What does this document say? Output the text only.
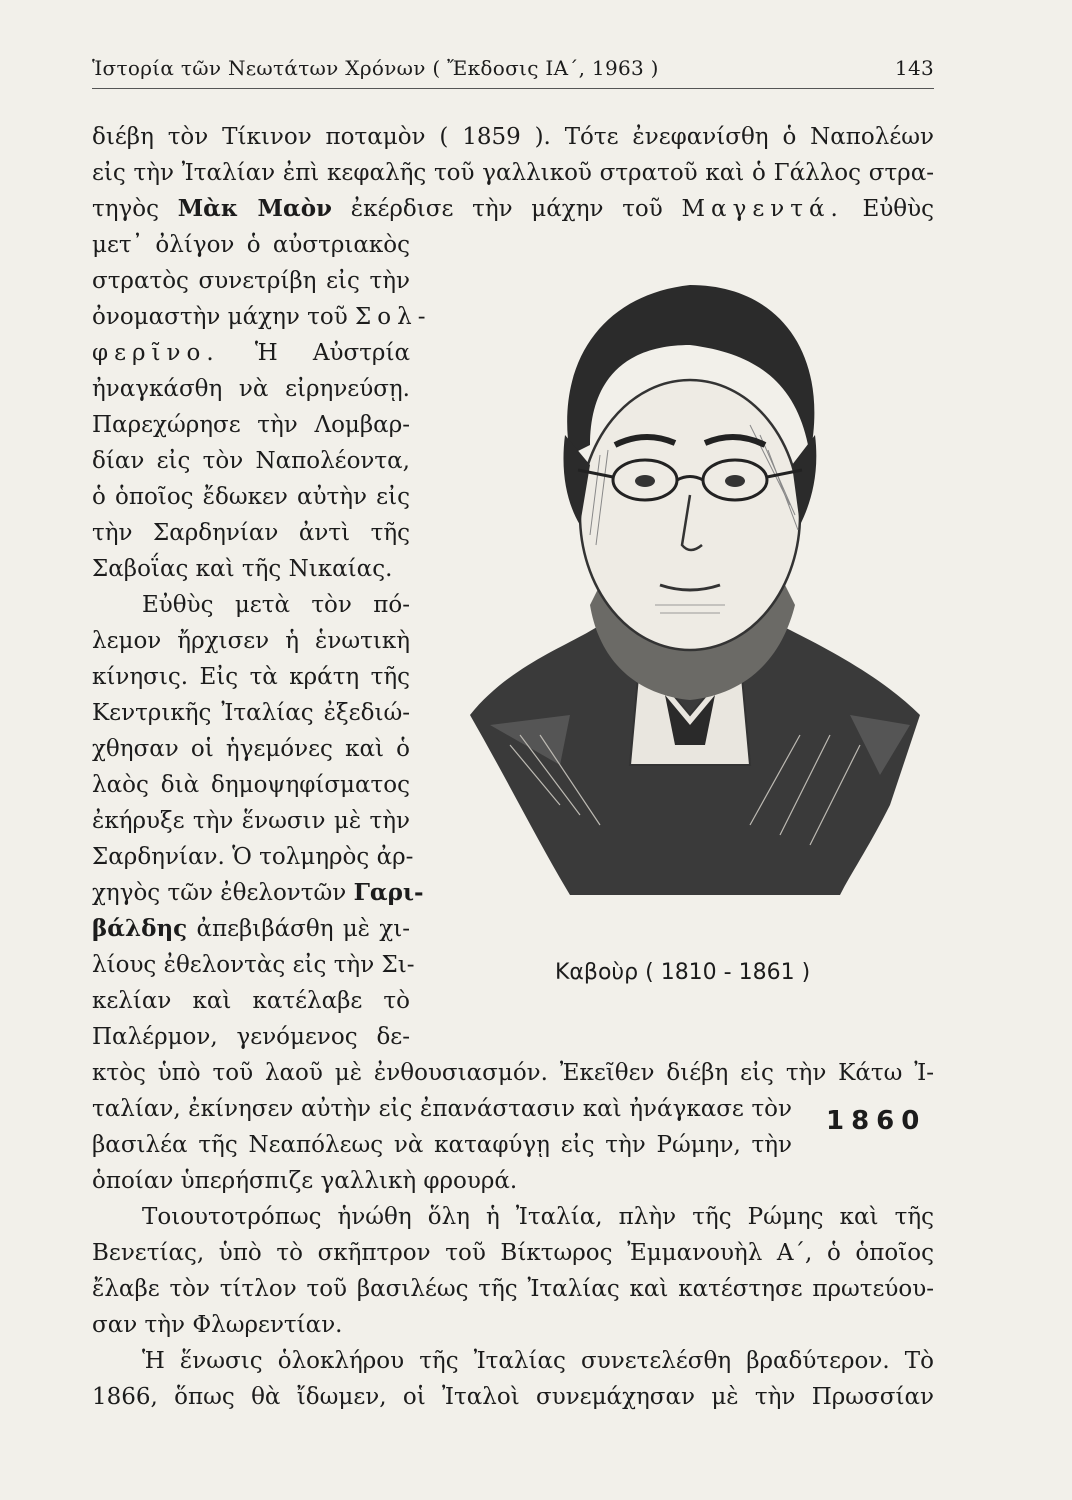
Ἱστορία τῶν Νεωτάτων Χρόνων ( Ἔκδοσις ΙΑ΄, 1963 )	143
διέβη τὸν Τίκινον ποταμὸν ( 1859 ). Τότε ἐνεφανίσθη ὁ Ναπολέων
εἰς τὴν Ἰταλίαν ἐπὶ κεφαλῆς τοῦ γαλλικοῦ στρατοῦ καὶ ὁ Γάλλος στρα-
τηγὸς Μὰκ Μαὸν ἐκέρδισε τὴν μάχην τοῦ Μαγεντά. Εὐθὺς
μετ᾽ ὀλίγον ὁ αὐστριακὸς
στρατὸς συνετρίβη εἰς τὴν
ὀνομαστὴν μάχην τοῦ Σολ-
φερῖνο. Ἡ Αὐστρία
ἠναγκάσθη νὰ εἰρηνεύσῃ.
Παρεχώρησε τὴν Λομβαρ-
δίαν εἰς τὸν Ναπολέοντα,
ὁ ὁποῖος ἔδωκεν αὐτὴν εἰς
τὴν Σαρδηνίαν ἀντὶ τῆς
Σαβοΐας καὶ τῆς Νικαίας.
Εὐθὺς μετὰ τὸν πό-
λεμον ἤρχισεν ἡ ἑνωτικὴ
κίνησις. Εἰς τὰ κράτη τῆς
Κεντρικῆς Ἰταλίας ἐξεδιώ-
χθησαν οἱ ἡγεμόνες καὶ ὁ
λαὸς διὰ δημοψηφίσματος
ἐκήρυξε τὴν ἕνωσιν μὲ τὴν
Σαρδηνίαν. Ὁ τολμηρὸς ἀρ-
χηγὸς τῶν ἐθελοντῶν Γαρι-
βάλδης ἀπεβιβάσθη μὲ χι-
λίους ἐθελοντὰς εἰς τὴν Σι-
κελίαν καὶ κατέλαβε τὸ
Παλέρμον, γενόμενος δε-
κτὸς ὑπὸ τοῦ λαοῦ μὲ ἐνθουσιασμόν. Ἐκεῖθεν διέβη εἰς τὴν Κάτω Ἰ-
ταλίαν, ἐκίνησεν αὐτὴν εἰς ἐπανάστασιν καὶ ἠνάγκασε τὸν
βασιλέα τῆς Νεαπόλεως νὰ καταφύγῃ εἰς τὴν Ρώμην, τὴν
ὁποίαν ὑπερήσπιζε γαλλικὴ φρουρά.
1860
Τοιουτοτρόπως ἡνώθη ὅλη ἡ Ἰταλία, πλὴν τῆς Ρώμης καὶ τῆς
Βενετίας, ὑπὸ τὸ σκῆπτρον τοῦ Βίκτωρος Ἐμμανουὴλ Α΄, ὁ ὁποῖος
ἔλαβε τὸν τίτλον τοῦ βασιλέως τῆς Ἰταλίας καὶ κατέστησε πρωτεύου-
σαν τὴν Φλωρεντίαν.
Ἡ ἕνωσις ὁλοκλήρου τῆς Ἰταλίας συνετελέσθη βραδύτερον. Τὸ
1866, ὅπως θὰ ἴδωμεν, οἱ Ἰταλοὶ συνεμάχησαν μὲ τὴν Πρωσσίαν
Καβοὺρ ( 1810 - 1861 )
